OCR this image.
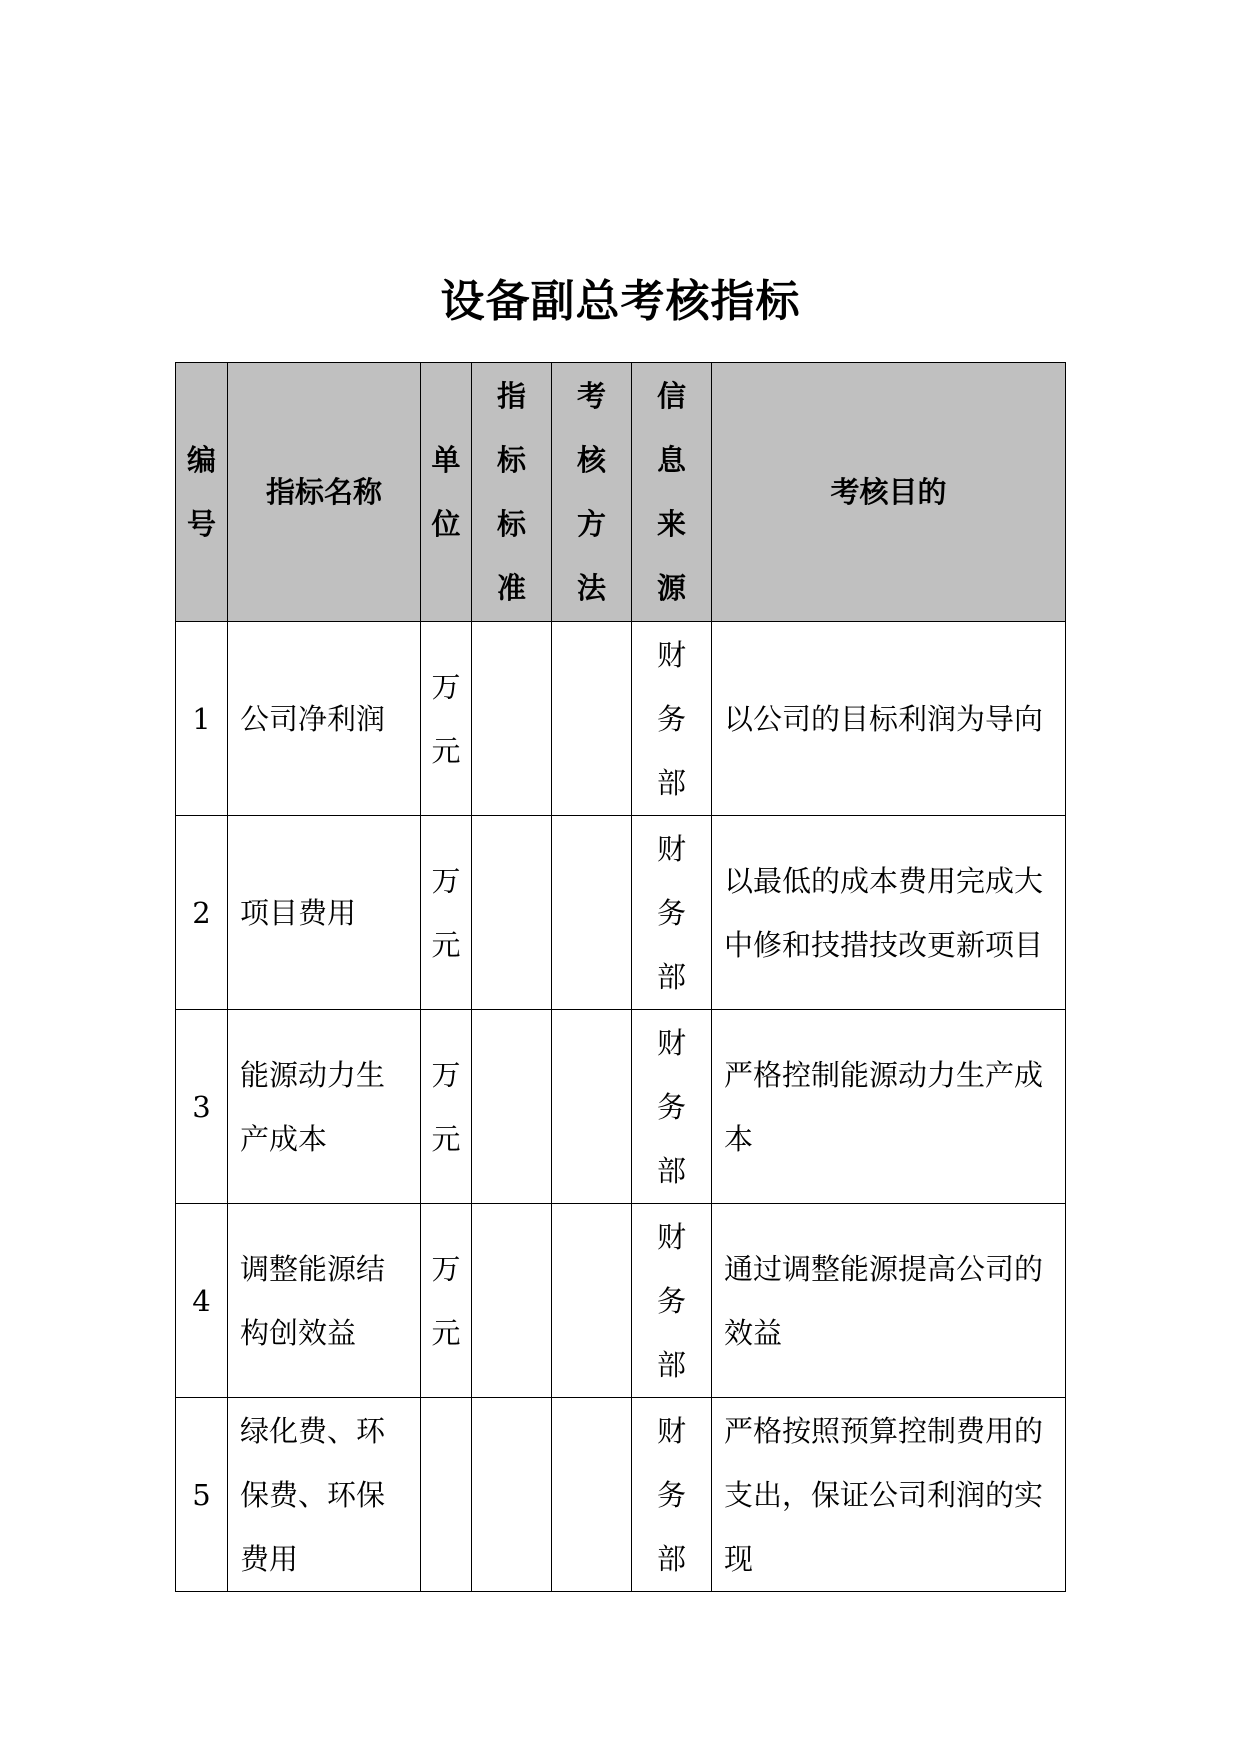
设备副总考核指标
编号	指标名称	单位	指标标准	考核方法	信息来源	考核目的
1	公司净利润	万元			财务部	以公司的目标利润为导向
2	项目费用	万元			财务部	以最低的成本费用完成大中修和技措技改更新项目
3	能源动力生产成本	万元			财务部	严格控制能源动力生产成本
4	调整能源结构创效益	万元			财务部	通过调整能源提高公司的效益
5	绿化费、环保费、环保费用				财务部	严格按照预算控制费用的支出，保证公司利润的实现
